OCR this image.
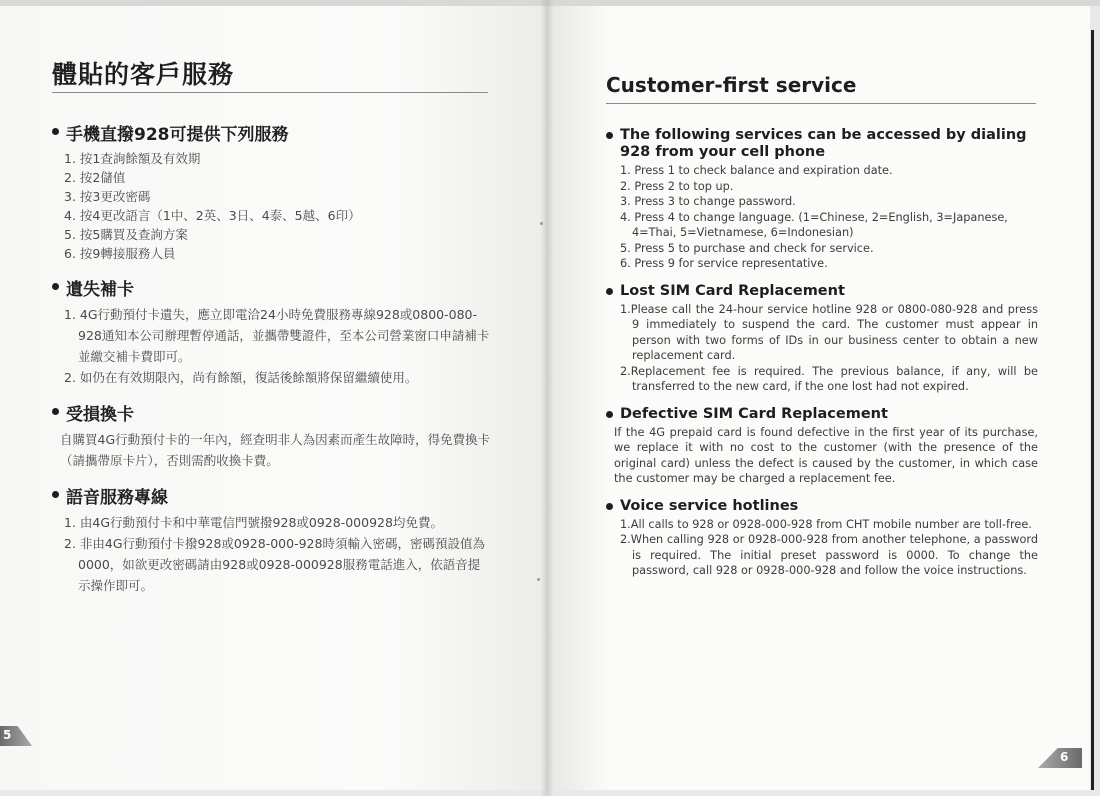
體貼的客戶服務
手機直撥928可提供下列服務
1. 按1查詢餘額及有效期
2. 按2儲值
3. 按3更改密碼
4. 按4更改語言（1中、2英、3日、4泰、5越、6印）
5. 按5購買及查詢方案
6. 按9轉接服務人員
遺失補卡
1. 4G行動預付卡遺失，應立即電洽24小時免費服務專線928或0800-080-928通知本公司辦理暫停通話，並攜帶雙證件，至本公司營業窗口申請補卡並繳交補卡費即可。
2. 如仍在有效期限內，尚有餘額，復話後餘額將保留繼續使用。
受損換卡

自購買4G行動預付卡的一年內，經查明非人為因素而產生故障時，得免費換卡（請攜帶原卡片），否則需酌收換卡費。

語音服務專線
1. 由4G行動預付卡和中華電信門號撥928或0928-000928均免費。
2. 非由4G行動預付卡撥928或0928-000-928時須輸入密碼，密碼預設值為0000，如欲更改密碼請由928或0928-000928服務電話進入，依語音提示操作即可。
Customer-first service
The following services can be accessed by dialing 928 from your cell phone
1. Press 1 to check balance and expiration date.
2. Press 2 to top up.
3. Press 3 to change password.
4. Press 4 to change language. (1=Chinese, 2=English, 3=Japanese, 4=Thai, 5=Vietnamese, 6=Indonesian)
5. Press 5 to purchase and check for service.
6. Press 9 for service representative.
Lost SIM Card Replacement
1.Please call the 24-hour service hotline 928 or 0800-080-928 and press 9 immediately to suspend the card. The customer must appear in person with two forms of IDs in our business center to obtain a new replacement card.
2.Replacement fee is required. The previous balance, if any, will be transferred to the new card, if the one lost had not expired.
Defective SIM Card Replacement

If the 4G prepaid card is found defective in the first year of its purchase, we replace it with no cost to the customer (with the presence of the original card) unless the defect is caused by the customer, in which case the customer may be charged a replacement fee.

Voice service hotlines
1.All calls to 928 or 0928-000-928 from CHT mobile number are toll-free.
2.When calling 928 or 0928-000-928 from another telephone, a password is required. The initial preset password is 0000. To change the password, call 928 or 0928-000-928 and follow the voice instructions.
5
6
